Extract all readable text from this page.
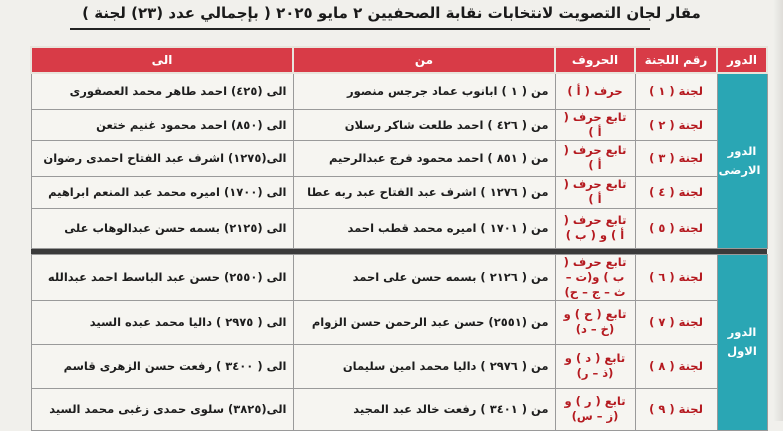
مقار لجان التصويت لانتخابات نقابة الصحفيين ٢ مايو ٢٠٢٥ ( بإجمالي عدد (٢٣) لجنة )
الدور	رقم اللجنة	الحروف	من	الى
الدور الارضى	لجنة ( ١ )	حرف ( أ )	من ( ١ ) ابانوب عماد جرجس منصور	الى (٤٢٥) احمد طاهر محمد العصفورى
	لجنة ( ٢ )	تابع حرف ( أ )	من ( ٤٢٦ ) احمد طلعت شاكر رسلان	الى (٨٥٠) احمد محمود غنيم ختعن
	لجنة ( ٣ )	تابع حرف ( أ )	من ( ٨٥١ ) احمد محمود فرج عبدالرحيم	الى(١٢٧٥) اشرف عبد الفتاح احمدى رضوان
	لجنة ( ٤ )	تابع حرف ( أ )	من ( ١٢٧٦ ) اشرف عبد الفتاح عبد ربه عطا	الى (١٧٠٠) اميره محمد عبد المنعم ابراهيم
	لجنة ( ٥ )	تابع حرف ( أ ) و ( ب )	من ( ١٧٠١ ) اميره محمد قطب احمد	الى (٢١٢٥) بسمه حسن عبدالوهاب على

الدور الاول	لجنة ( ٦ )	تابع حرف ( ب ) و(ت – ث – ج – ح)	من ( ٢١٢٦ ) بسمه حسن على احمد	الى (٢٥٥٠) حسن عبد الباسط احمد عبدالله
	لجنة ( ٧ )	تابع ( ح ) و (خ – د)	من (٢٥٥١) حسن عبد الرحمن حسن الزوام	الى ( ٢٩٧٥ ) داليا محمد عبده السيد
	لجنة ( ٨ )	تابع ( د ) و (ذ – ر)	من ( ٢٩٧٦ ) داليا محمد امين سليمان	الى ( ٣٤٠٠ ) رفعت حسن الزهرى قاسم
	لجنة ( ٩ )	تابع ( ر ) و (ز – س)	من ( ٣٤٠١ ) رفعت خالد عبد المجيد	الى(٣٨٢٥) سلوى حمدى زغبى محمد السيد
